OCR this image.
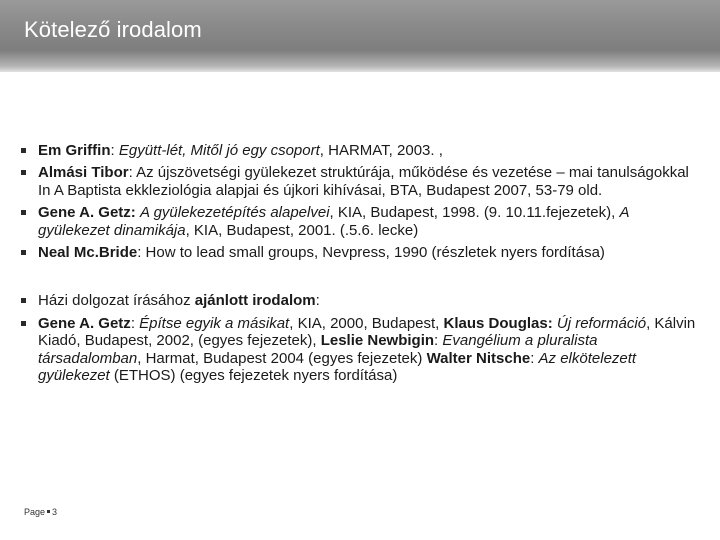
Kötelező irodalom
Em Griffin: Együtt-lét, Mitől jó egy csoport, HARMAT, 2003. ,
Almási Tibor: Az újszövetségi gyülekezet struktúrája, működése és vezetése – mai tanulságokkal In A Baptista ekkleziológia alapjai és újkori kihívásai, BTA, Budapest 2007, 53-79 old.
Gene A. Getz: A gyülekezetépítés alapelvei, KIA, Budapest, 1998. (9. 10.11.fejezetek), A gyülekezet dinamikája, KIA, Budapest, 2001. (.5.6. lecke)
Neal Mc.Bride: How to lead small groups, Nevpress, 1990 (részletek nyers fordítása)
Házi dolgozat írásához ajánlott irodalom:
Gene A. Getz: Építse egyik a másikat, KIA, 2000, Budapest, Klaus Douglas: Új reformáció, Kálvin Kiadó, Budapest, 2002, (egyes fejezetek), Leslie Newbigin: Evangélium a pluralista társadalomban, Harmat, Budapest 2004 (egyes fejezetek) Walter Nitsche: Az elkötelezett gyülekezet (ETHOS) (egyes fejezetek nyers fordítása)
Page 3
